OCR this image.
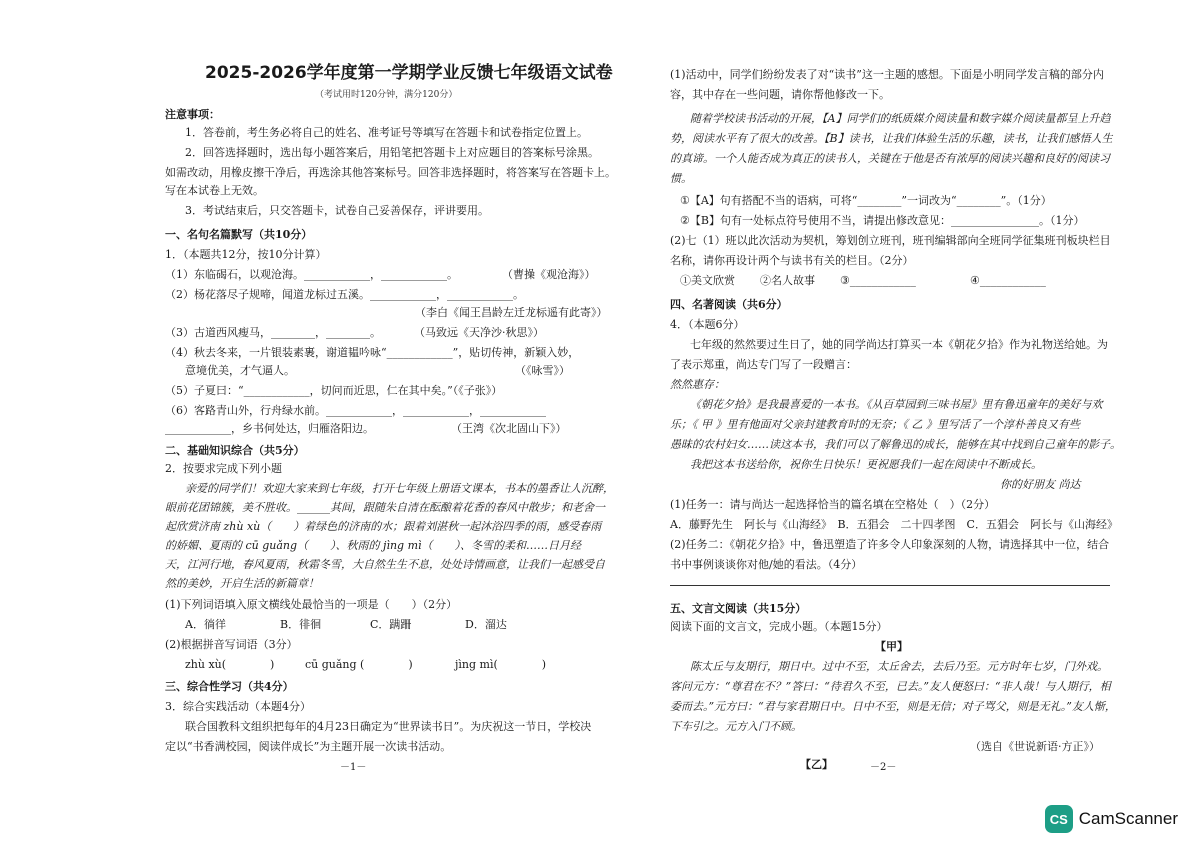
2025-2026学年度第一学期学业反馈七年级语文试卷
（考试用时120分钟，满分120分）
注意事项：
1．答卷前，考生务必将自己的姓名、准考证号等填写在答题卡和试卷指定位置上。
2．回答选择题时，选出每小题答案后，用铅笔把答题卡上对应题目的答案标号涂黑。
如需改动，用橡皮擦干净后，再选涂其他答案标号。回答非选择题时，将答案写在答题卡上。
写在本试卷上无效。
3．考试结束后，只交答题卡，试卷自己妥善保存，评讲要用。
一、名句名篇默写（共10分）
1．（本题共12分，按10分计算）
（1）东临碣石，以观沧海。____________，____________。　　　　　（曹操《观沧海》）
（2）杨花落尽子规啼，闻道龙标过五溪。____________，____________。
（李白《闻王昌龄左迁龙标遥有此寄》）
（3）古道西风瘦马，________，________。　　　　（马致远《天净沙·秋思》）
（4）秋去冬来，一片银装素裹，谢道韫吟咏“____________”，贴切传神，新颖入妙，
意境优美，才气逼人。　　　　　　　　　　　　　　　　　　　　　（《咏雪》）
（5）子夏曰：“____________，切问而近思，仁在其中矣。”（《子张》）
（6）客路青山外，行舟绿水前。____________，____________，____________
____________，乡书何处达，归雁洛阳边。　　　　　　　　（王湾《次北固山下》）
二、基础知识综合（共5分）
2．按要求完成下列小题
亲爱的同学们！欢迎大家来到七年级，打开七年级上册语文课本，书本的墨香让人沉醉，
眼前花团锦簇，美不胜收。______其间，跟随朱自清在酝酿着花香的春风中散步；和老舍一
起欣赏济南 zhù xù（　　）着绿色的济南的水；跟着刘湛秋一起沐浴四季的雨，感受春雨
的娇媚、夏雨的 cū guǎng（　　）、秋雨的 jìng mì（　　）、冬雪的柔和……日月经
天，江河行地，春风夏雨，秋霜冬雪，大自然生生不息，处处诗情画意，让我们一起感受自
然的美妙，开启生活的新篇章！
(1)下列词语填入原文横线处最恰当的一项是（　　）（2分）
A．徜徉	B．徘徊	C．蹒跚	D．溜达
(2)根据拼音写词语（3分）
zhù xù(　　　　)	cū guǎng (　　　　)	jìng mì(　　　　)
三、综合性学习（共4分）
3．综合实践活动（本题4分）
联合国教科文组织把每年的4月23日确定为“世界读书日”。为庆祝这一节日，学校决
定以“书香满校园，阅读伴成长”为主题开展一次读书活动。
－1－
(1)活动中，同学们纷纷发表了对“读书”这一主题的感想。下面是小明同学发言稿的部分内
容，其中存在一些问题，请你帮他修改一下。
随着学校读书活动的开展，【A】同学们的纸质媒介阅读量和数字媒介阅读量都呈上升趋
势，阅读水平有了很大的改善。【B】读书，让我们体验生活的乐趣，读书，让我们感悟人生
的真谛。一个人能否成为真正的读书人，关键在于他是否有浓厚的阅读兴趣和良好的阅读习
惯。
①【A】句有搭配不当的语病，可将“________”一词改为“________”。（1分）
②【B】句有一处标点符号使用不当，请提出修改意见：________________。（1分）
(2)七（1）班以此次活动为契机，筹划创立班刊，班刊编辑部向全班同学征集班刊板块栏目
名称，请你再设计两个与读书有关的栏目。（2分）
①美文欣赏 ②名人故事 ③____________	④____________
四、名著阅读（共6分）
4．（本题6分）
七年级的然然要过生日了，她的同学尚达打算买一本《朝花夕拾》作为礼物送给她。为
了表示郑重，尚达专门写了一段赠言：
然然惠存：
《朝花夕拾》是我最喜爱的一本书。《从百草园到三味书屋》里有鲁迅童年的美好与欢
乐；《 甲 》里有他面对父亲封建教育时的无奈；《 乙 》里写活了一个淳朴善良又有些
愚昧的农村妇女……读这本书，我们可以了解鲁迅的成长，能够在其中找到自己童年的影子。
我把这本书送给你，祝你生日快乐！更祝愿我们一起在阅读中不断成长。
你的好朋友 尚达
(1)任务一：请与尚达一起选择恰当的篇名填在空格处（　）（2分）
A．藤野先生　阿长与《山海经》　B．五猖会　二十四孝图　C．五猖会　阿长与《山海经》
(2)任务二：《朝花夕拾》中，鲁迅塑造了许多令人印象深刻的人物，请选择其中一位，结合
书中事例谈谈你对他/她的看法。（4分）
五、文言文阅读（共15分）
阅读下面的文言文，完成小题。（本题15分）
【甲】
陈太丘与友期行，期日中。过中不至，太丘舍去，去后乃至。元方时年七岁，门外戏。
客问元方：“尊君在不？”答曰：“待君久不至，已去。”友人便怒曰：“非人哉！与人期行，相
委而去。”元方曰：“君与家君期日中。日中不至，则是无信；对子骂父，则是无礼。”友人惭，
下车引之。元方入门不顾。
（选自《世说新语·方正》）
【乙】	－2－
CS CamScanner
